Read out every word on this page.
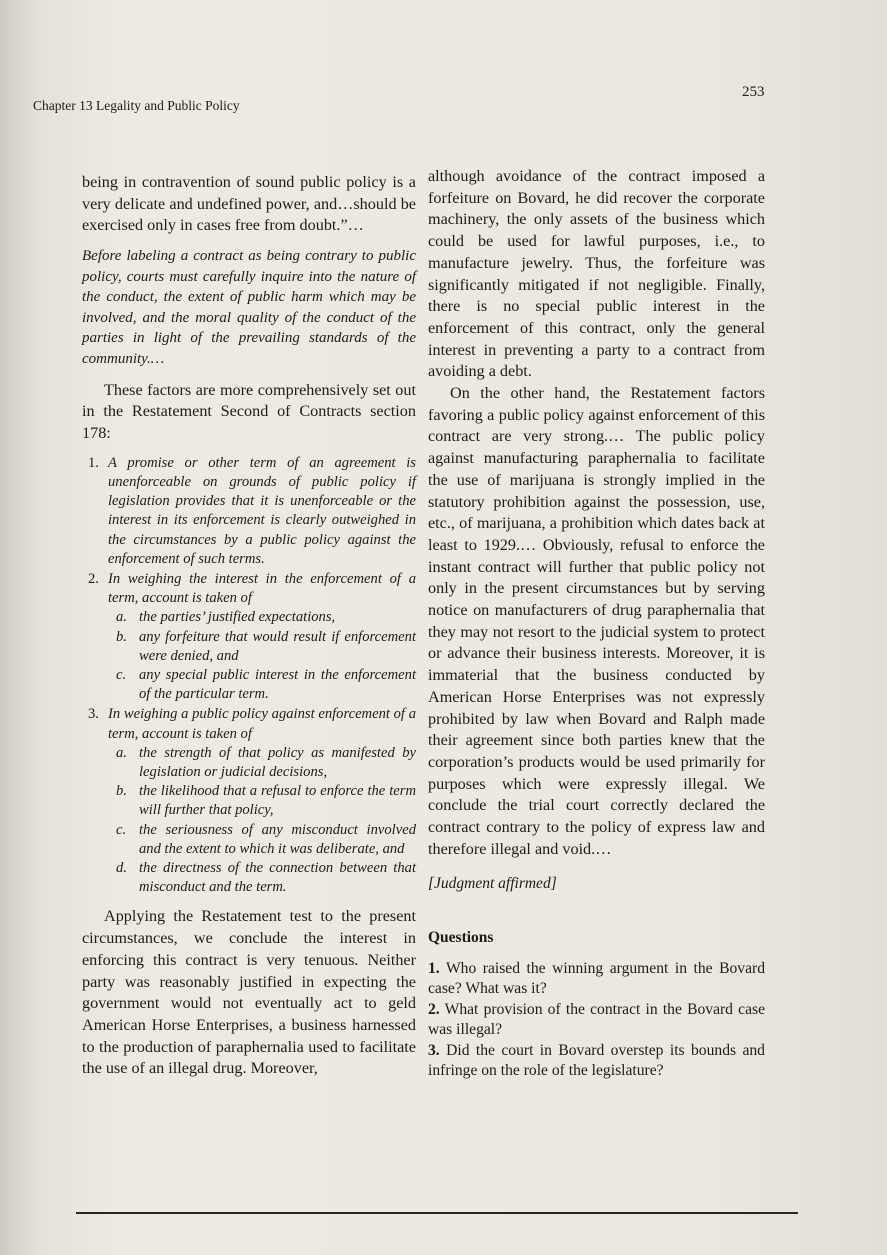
Chapter 13 Legality and Public Policy
253

being in contravention of sound public policy is a very delicate and undefined power, and…should be exercised only in cases free from doubt.”…

Before labeling a contract as being contrary to public policy, courts must carefully inquire into the nature of the conduct, the extent of public harm which may be involved, and the moral quality of the conduct of the parties in light of the prevailing standards of the community.…

These factors are more comprehensively set out in the Restatement Second of Contracts section 178:

1. A promise or other term of an agreement is unenforceable on grounds of public policy if legislation provides that it is unenforceable or the interest in its enforcement is clearly outweighed in the circumstances by a public policy against the enforcement of such terms.
2. In weighing the interest in the enforcement of a term, account is taken of
a. the parties’ justified expectations,
b. any forfeiture that would result if enforcement were denied, and
c. any special public interest in the enforcement of the particular term.
3. In weighing a public policy against enforcement of a term, account is taken of
a. the strength of that policy as manifested by legislation or judicial decisions,
b. the likelihood that a refusal to enforce the term will further that policy,
c. the seriousness of any misconduct involved and the extent to which it was deliberate, and
d. the directness of the connection between that misconduct and the term.

Applying the Restatement test to the present circumstances, we conclude the interest in enforcing this contract is very tenuous. Neither party was reasonably justified in expecting the government would not eventually act to geld American Horse Enterprises, a business harnessed to the production of paraphernalia used to facilitate the use of an illegal drug. Moreover,

although avoidance of the contract imposed a forfeiture on Bovard, he did recover the corporate machinery, the only assets of the business which could be used for lawful purposes, i.e., to manufacture jewelry. Thus, the forfeiture was significantly mitigated if not negligible. Finally, there is no special public interest in the enforcement of this contract, only the general interest in preventing a party to a contract from avoiding a debt.

On the other hand, the Restatement factors favoring a public policy against enforcement of this contract are very strong.… The public policy against manufacturing paraphernalia to facilitate the use of marijuana is strongly implied in the statutory prohibition against the possession, use, etc., of marijuana, a prohibition which dates back at least to 1929.… Obviously, refusal to enforce the instant contract will further that public policy not only in the present circumstances but by serving notice on manufacturers of drug paraphernalia that they may not resort to the judicial system to protect or advance their business interests. Moreover, it is immaterial that the business conducted by American Horse Enterprises was not expressly prohibited by law when Bovard and Ralph made their agreement since both parties knew that the corporation’s products would be used primarily for purposes which were expressly illegal. We conclude the trial court correctly declared the contract contrary to the policy of express law and therefore illegal and void.…

[Judgment affirmed]
Questions
1. Who raised the winning argument in the Bovard case? What was it?
2. What provision of the contract in the Bovard case was illegal?
3. Did the court in Bovard overstep its bounds and infringe on the role of the legislature?
